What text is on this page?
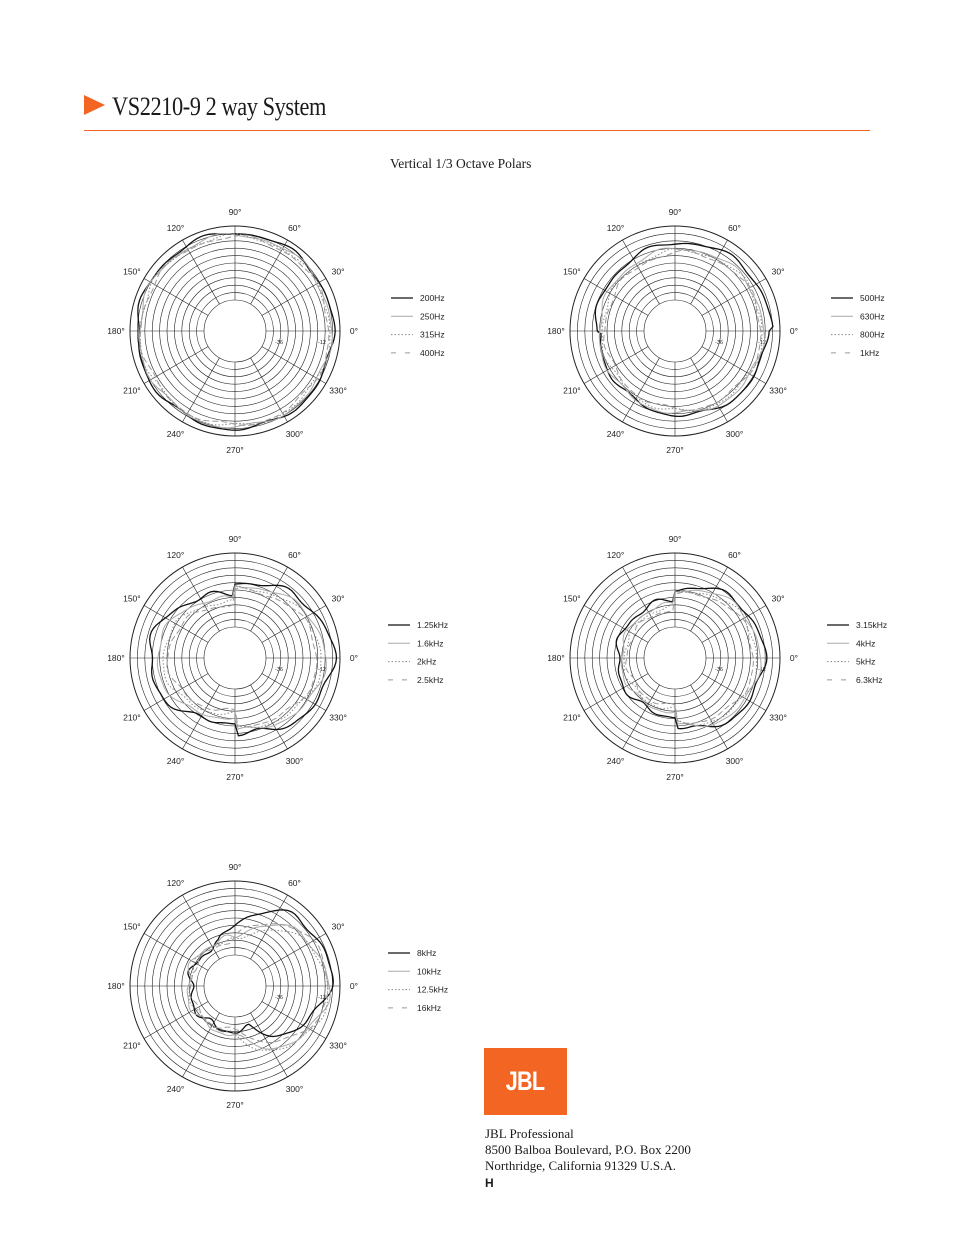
VS2210-9 2 way System
Vertical 1/3 Octave Polars
0°
30°
60°
90°
120°
150°
180°
210°
240°
270°
300°
330°
-36	-12
200Hz
250Hz
315Hz
400Hz
0°
30°
60°
90°
120°
150°
180°
210°
240°
270°
300°
330°
-36	-12
500Hz
630Hz
800Hz
1kHz
0°
30°
60°
90°
120°
150°
180°
210°
240°
270°
300°
330°
-36	-12
1.25kHz
1.6kHz
2kHz
2.5kHz
0°
30°
60°
90°
120°
150°
180°
210°
240°
270°
300°
330°
-36	-12
3.15kHz
4kHz
5kHz
6.3kHz
0°
30°
60°
90°
120°
150°
180°
210°
240°
270°
300°
330°
-36	-12
8kHz
10kHz
12.5kHz
16kHz
JBL
JBL Professional
8500 Balboa Boulevard, P.O. Box 2200
Northridge, California 91329 U.S.A.
H
